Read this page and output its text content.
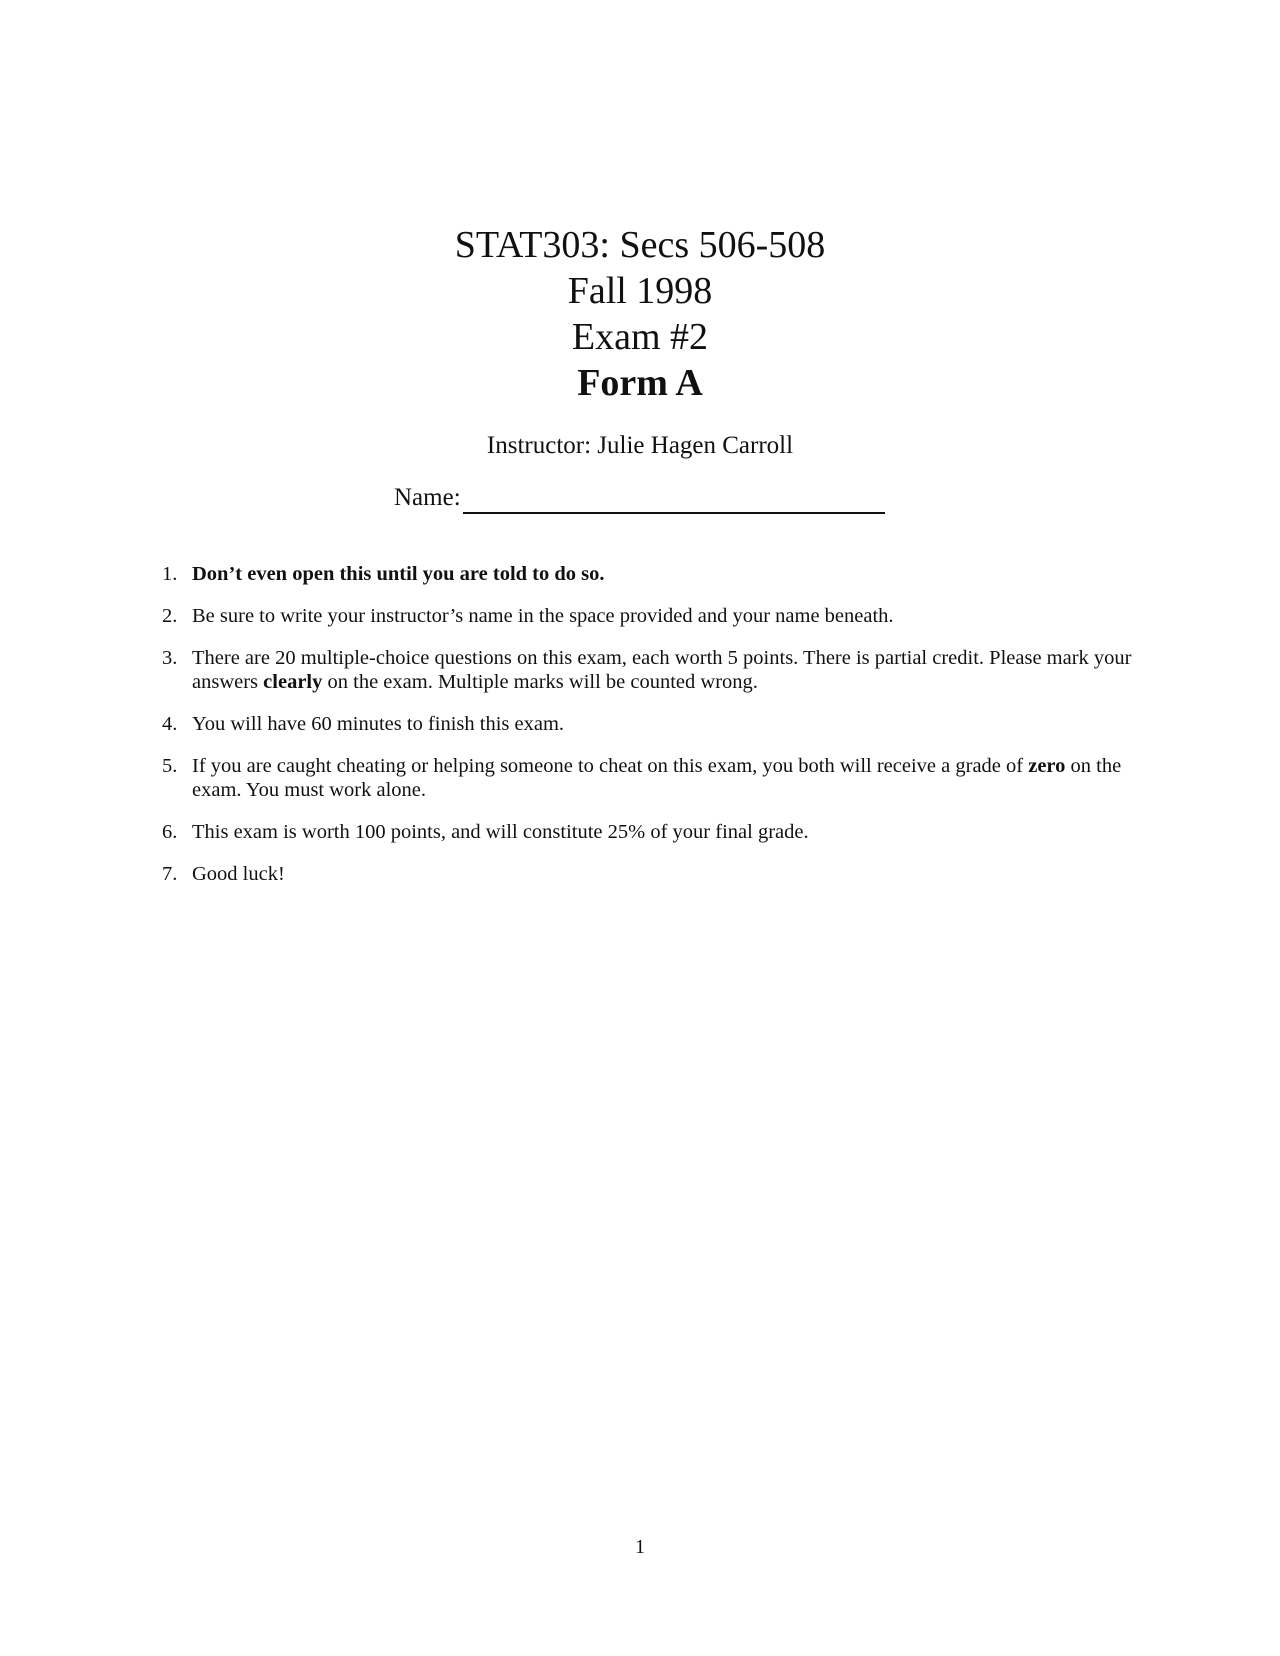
STAT303: Secs 506-508
Fall 1998
Exam #2
Form A
Instructor: Julie Hagen Carroll
Name:
1. Don’t even open this until you are told to do so.
2. Be sure to write your instructor’s name in the space provided and your name beneath.
3. There are 20 multiple-choice questions on this exam, each worth 5 points. There is partial credit. Please mark your answers clearly on the exam. Multiple marks will be counted wrong.
4. You will have 60 minutes to finish this exam.
5. If you are caught cheating or helping someone to cheat on this exam, you both will receive a grade of zero on the exam. You must work alone.
6. This exam is worth 100 points, and will constitute 25% of your final grade.
7. Good luck!
1
